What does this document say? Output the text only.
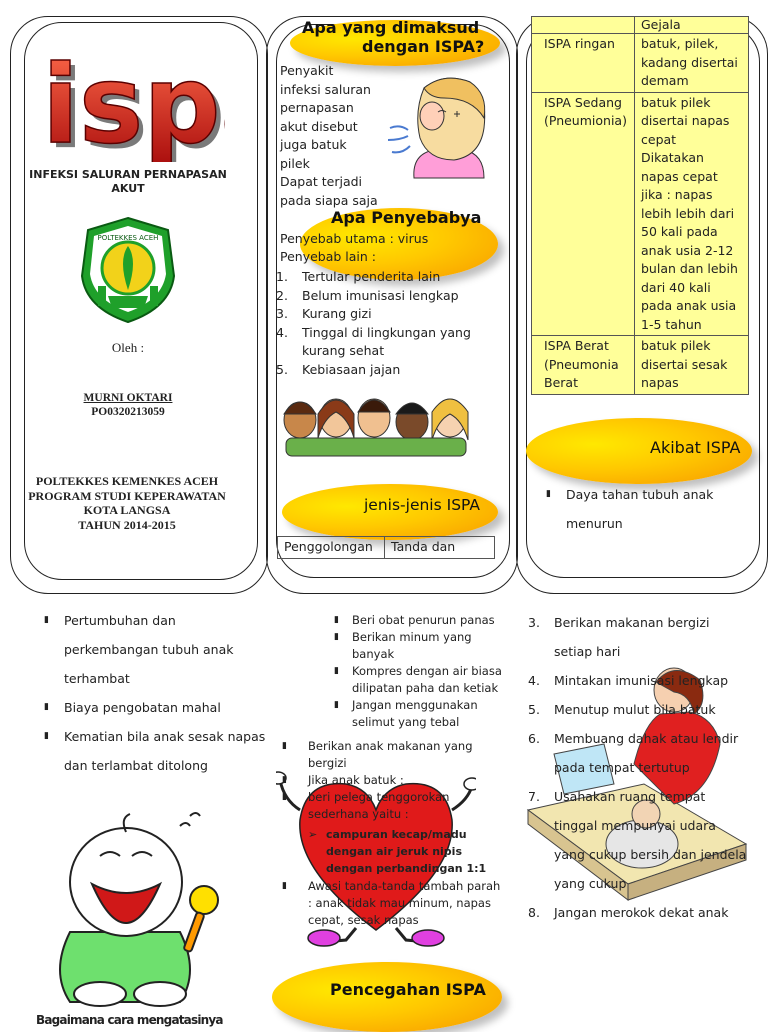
isp
isp
INFEKSI SALURAN PERNAPASAN AKUT
POLTEKKES ACEH
Oleh :
MURNI OKTARI
PO0320213059
POLTEKKES KEMENKES ACEH
PROGRAM STUDI KEPERAWATAN
KOTA LANGSA
TAHUN 2014-2015
Apa yang dimaksud
dengan ISPA?
Penyakit
infeksi saluran
pernapasan
akut disebut
juga batuk
pilek
Dapat terjadi
pada siapa saja
Apa Penyebabya
Penyebab utama : virus
Penyebab lain :
1. Tertular penderita lain
2. Belum imunisasi lengkap
3. Kurang gizi
4. Tinggal di lingkungan yang kurang sehat
5. Kebiasaan jajan
jenis-jenis ISPA
Penggolongan	Tanda dan
	Gejala
ISPA ringan	batuk, pilek, kadang disertai demam
ISPA Sedang (Pneumionia)	batuk pilek disertai napas cepat Dikatakan napas cepat jika : napas lebih lebih dari 50 kali pada anak usia 2-12 bulan dan lebih dari 40 kali pada anak usia 1-5 tahun
ISPA Berat (Pneumonia Berat	batuk pilek disertai sesak napas
Akibat ISPA
▮ Daya tahan tubuh anak menurun
▮ Pertumbuhan dan perkembangan tubuh anak terhambat
▮ Biaya pengobatan mahal
▮ Kematian bila anak sesak napas dan terlambat ditolong
Bagaimana cara mengatasinya
▮ Beri obat penurun panas
▮ Berikan minum yang banyak
▮ Kompres dengan air biasa dilipatan paha dan ketiak
▮ Jangan menggunakan selimut yang tebal
▮ Berikan anak makanan yang bergizi
▮ Jika anak batuk :
▮ beri pelega tenggorokan sederhana yaitu :
➢ campuran kecap/madu dengan air jeruk nipis dengan perbandingan 1:1
▮ Awasi tanda-tanda tambah parah : anak tidak mau minum, napas cepat, sesak napas
Pencegahan ISPA
3. Berikan makanan bergizi setiap hari
4. Mintakan imunisasi lengkap
5. Menutup mulut bila batuk
6. Membuang dahak atau lendir pada tempat tertutup
7. Usahakan ruang tempat tinggal mempunyai udara yang cukup bersih dan jendela yang cukup
8. Jangan merokok dekat anak
